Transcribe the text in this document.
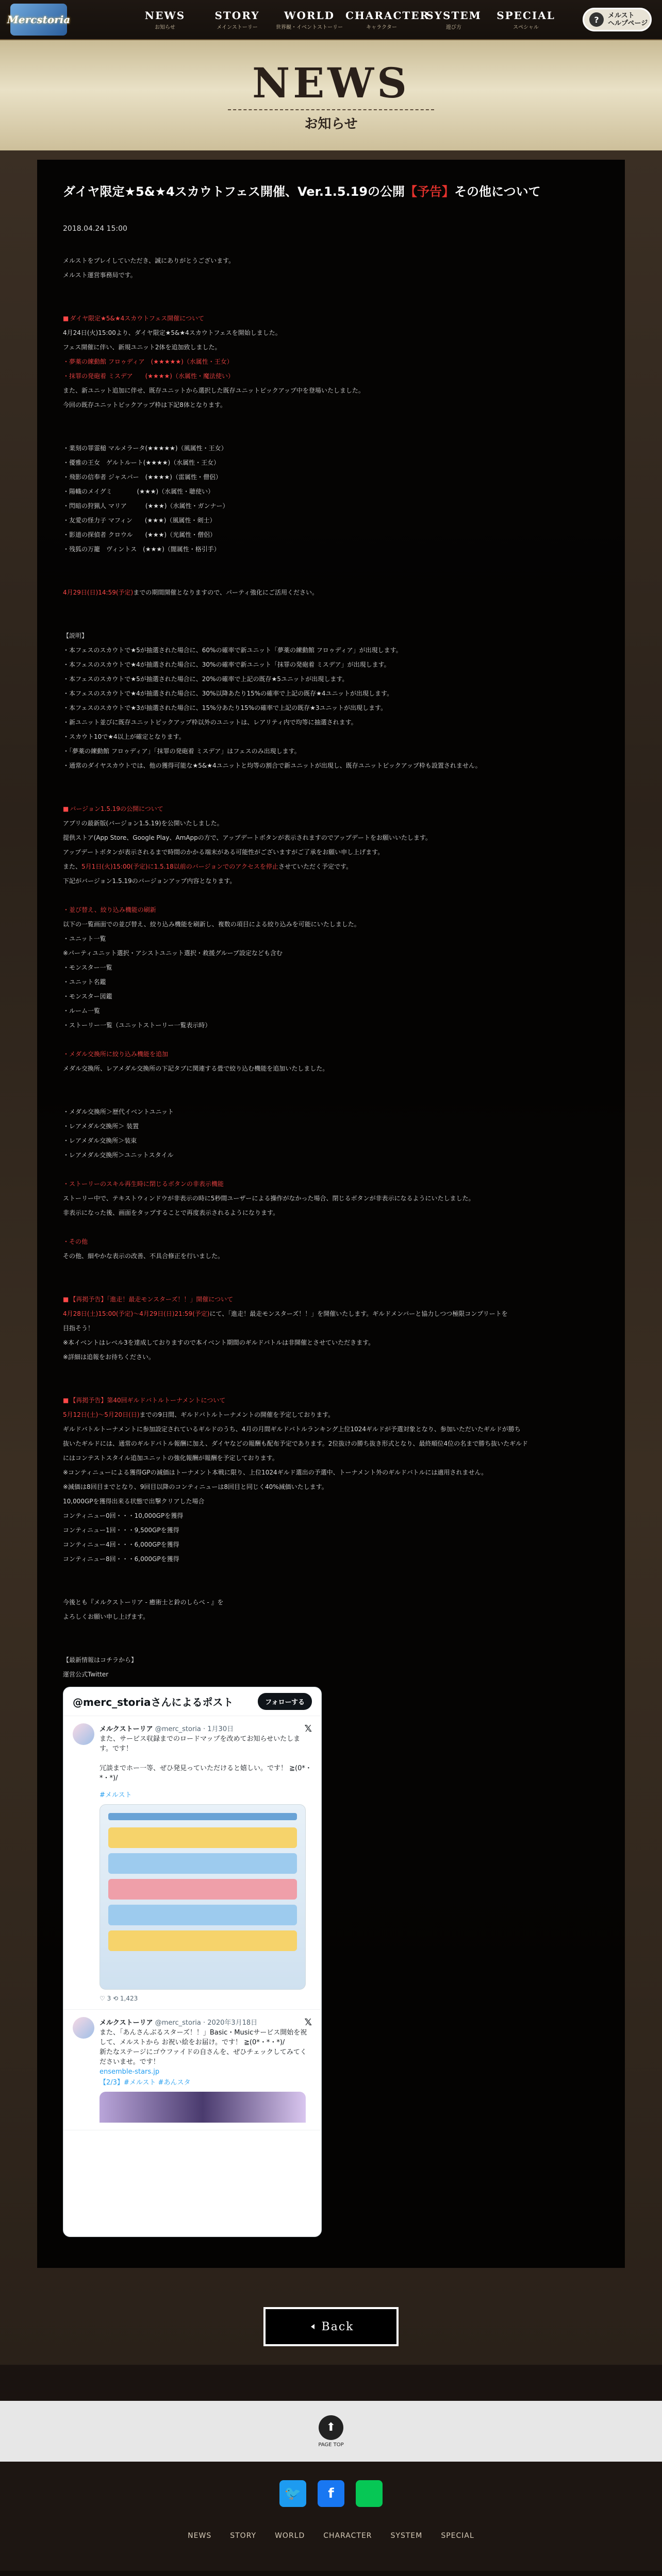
Mercstoria	NEWS
お知らせ
STORY
メインストーリー
WORLD
世界観・イベントストーリー
CHARACTER
キャラクター
SYSTEM
遊び方
SPECIAL
スペシャル
?	メルスト
ヘルプページ
NEWS
お知らせ
ダイヤ限定★5&★4スカウトフェス開催、Ver.1.5.19の公開【予告】その他について
2018.04.24 15:00
メルストをプレイしていただき、誠にありがとうございます。
メルスト運営事務局です。
■ ダイヤ限定★5&★4スカウトフェス開催について
4月24日(火)15:00より、ダイヤ限定★5&★4スカウトフェスを開始しました。
フェス開催に伴い、新規ユニット2体を追加致しました。
・夢薬の練動館 フロゥディア　(★★★★★)（水属性・王女）
・抹罪の発砲着 ミスデア　　(★★★★)（水属性・魔法使い）
また、新ユニット追加に伴せ、既存ユニットから選択した既存ユニットピックアップ中を登場いたしました。
今回の既存ユニットピックアップ枠は下記8体となります。
・業刻の罪霊槌 マルメラータ(★★★★★)（風属性・王女）
・優雅の王女　ゲルトルート(★★★★)（水属性・王女）
・飛影の信奉者 ジャスパー　(★★★★)（雷属性・僧侶）
・陽幟のメイグミ　　　　(★★★)（水属性・聴使い）
・閃暗の狩猟人 マリア　　　(★★★)（水属性・ガンナー）
・友愛の怪力子 マフィン　　(★★★)（風属性・剣士）
・影道の探偵者 クロウル　　(★★★)（光属性・僧侶）
・残狐の万籠　ヴィントス　(★★★)（闇属性・格引手）
4月29日(日)14:59(予定)までの期間開催となりますので、パーティ強化にご活用ください。
【説明】
・本フェスのスカウトで★5が抽選された場合に、60%の確率で新ユニット「夢薬の練動館 フロゥディア」が出現します。
・本フェスのスカウトで★4が抽選された場合に、30%の確率で新ユニット「抹罪の発砲着 ミスデア」が出現します。
・本フェスのスカウトで★5が抽選された場合に、20%の確率で上記の既存★5ユニットが出現します。
・本フェスのスカウトで★4が抽選された場合に、30%以降あたり15%の確率で上記の既存★4ユニットが出現します。
・本フェスのスカウトで★3が抽選された場合に、15%分あたり15%の確率で上記の既存★3ユニットが出現します。
・新ユニット並びに既存ユニットピックアップ枠以外のユニットは、レアリティ内で均等に抽選されます。
・スカウト10で★4以上が確定となります。
・「夢薬の練動館 フロゥディア」「抹罪の発砲着 ミスデア」はフェスのみ出現します。
・通常のダイヤスカウトでは、他の獲得可能な★5&★4ユニットと均等の割合で新ユニットが出現し、既存ユニットピックアップ枠も設置されません。
■ バージョン1.5.19の公開について
アプリの最新版(バージョン1.5.19)を公開いたしました。
提供ストア(App Store、Google Play、AmAppの方で、アップデートボタンが表示されますのでアップデートをお願いいたします。
アップデートボタンが表示されるまで時間のかかる端末がある可能性がございますがご了承をお願い申し上げます。
また、5月1日(火)15:00(予定)に1.5.18以前のバージョンでのアクセスを停止させていただく予定です。
下記がバージョン1.5.19のバージョンアップ内容となります。
・並び替え、絞り込み機能の刷新
以下の一覧画面での並び替え、絞り込み機能を刷新し、複数の項目による絞り込みを可能にいたしました。
・ユニット一覧
※パーティユニット選択・アシストユニット選択・救援グループ設定なども含む
・モンスター一覧
・ユニット名鑑
・モンスター図鑑
・ルーム一覧
・ストーリー一覧（ユニットストーリー一覧表示時）
・メダル交換所に絞り込み機能を追加
メダル交換所、レアメダル交換所の下記タブに関連する畳で絞り込む機能を追加いたしました。
・メダル交換所＞歴代イベントユニット
・レアメダル交換所＞ 装置
・レアメダル交換所＞装束
・レアメダル交換所＞ユニットスタイル
・ストーリーのスキル再生時に閉じるボタンの非表示機能
ストーリー中で、テキストウィンドウが非表示の時に5秒間ユーザーによる操作がなかった場合、閉じるボタンが非表示になるようにいたしました。
非表示になった後、画面をタップすることで再度表示されるようになります。
・その他
その他、細やかな表示の改善、不具合修正を行いました。
■ 【再掲予告】「進走！最走モンスターズ！！」開催について
4月28日(土)15:00(予定)〜4月29日(日)21:59(予定)にて、「進走！最走モンスターズ！！」を開催いたします。ギルドメンバーと協力しつつ極限コンプリートを
目指そう！
※本イベントはレベル3を達成しておりますので本イベント期間のギルドバトルは非開催とさせていただきます。
※詳細は追報をお待ちください。
■ 【再掲予告】第40回ギルドバトルトーナメントについて
5月12日(土)〜5月20日(日)までの9日間、ギルドバトルトーナメントの開催を予定しております。
ギルドバトルトーナメントに参加設定されているギルドのうち、4月の月間ギルドバトルランキング上位1024ギルドが予選対象となり、参加いただいたギルドが勝ち
抜いたギルドには、通常のギルドバトル報酬に加え、ダイヤなどの報酬も配布予定であります。2位抜けの勝ち抜き形式となり、最終順位4位の名まで勝ち抜いたギルド
にはコンテストスタイル追加ユニットの強化報酬が報酬を予定しております。
※コンティニューによる獲得GPの減価はトーナメント本戦に限り、上位1024ギルド選出の予選中、トーナメント外のギルドバトルには適用されません。
※減価は8回目までとなり、9回目以降のコンティニューは8回目と同じく40%減価いたします。
10,000GPを獲得出来る状態で出撃クリアした場合
コンティニュー0回・・・10,000GPを獲得
コンティニュー1回・・・9,500GPを獲得
コンティニュー4回・・・6,000GPを獲得
コンティニュー8回・・・6,000GPを獲得
今後とも『メルクストーリア - 癒術士と鈴のしらべ - 』を
よろしくお願い申し上げます。
【最新情報はコチラから】
運営公式Twitter
@merc_storiaさんによるポスト	フォローする
𝕏
メルクストーリア @merc_storia · 1月30日
また、サービス収録までのロードマップを改めてお知らせいたします。です！

冗談までホー一等、ぜひ発見っていただけると嬉しい。です！ ≧(0*・*・*)/
#メルスト
♡ 3 ⟲ 1,423
𝕏
メルクストーリア @merc_storia · 2020年3月18日
また、「あんさんぶるスターズ！！」Basic・Musicサービス開始を祝して、メルストから お祝い絵をお届け。です！ ≧(0*・*・*)/
新たなステージにゴウファイドの自さんを、ぜひチェックしてみてくださいませ。です！
ensemble-stars.jp
【2/3】#メルスト #あんスタ
Back
⬆
PAGE TOP
🐦	f
NEWS	STORY	WORLD	CHARACTER	SYSTEM	SPECIAL
